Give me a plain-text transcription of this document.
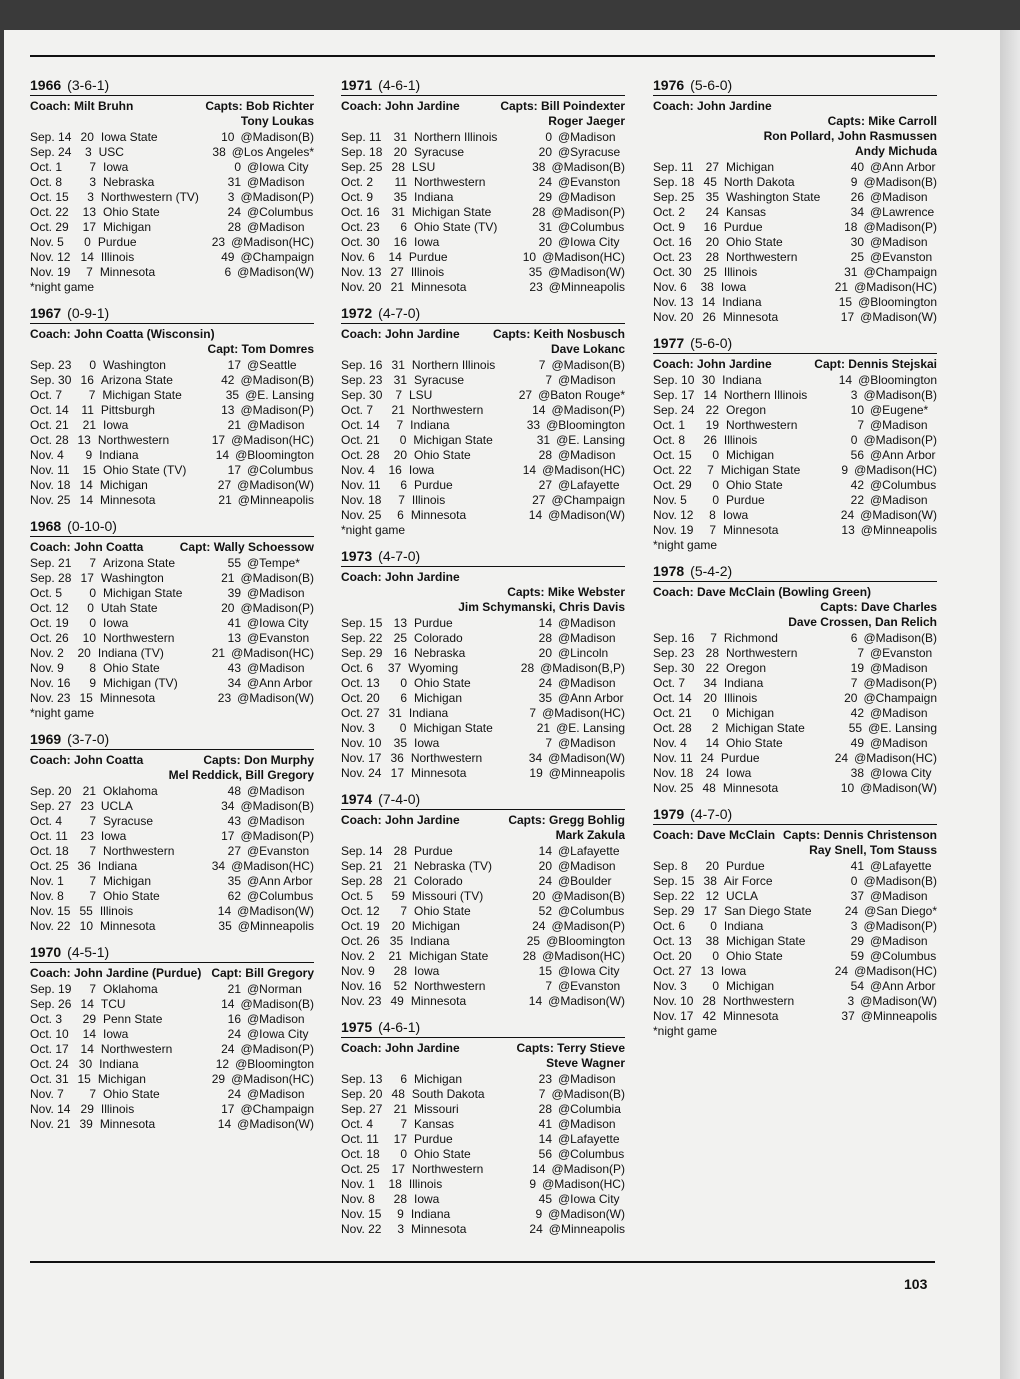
1966 (3-6-1)
Coach: Milt Bruhn	Capts: Bob Richter
Tony Loukas
Sep. 14 20 Iowa State	10 @Madison(B)
Sep. 24	3 USC	38 @Los Angeles*
Oct. 1	7 Iowa	0 @Iowa City
Oct. 8	3 Nebraska	31 @Madison
Oct. 15	3 Northwestern (TV)	3 @Madison(P)
Oct. 22	13 Ohio State	24 @Columbus
Oct. 29	17 Michigan	28 @Madison
Nov. 5	0 Purdue	23 @Madison(HC)
Nov. 12 14 Illinois	49 @Champaign
Nov. 19	7 Minnesota	6 @Madison(W)
*night game
1967 (0-9-1)
Coach: John Coatta (Wisconsin)
Capt: Tom Domres
Sep. 23	0 Washington	17 @Seattle
Sep. 30 16 Arizona State	42 @Madison(B)
Oct. 7	7 Michigan State	35 @E. Lansing
Oct. 14	11 Pittsburgh	13 @Madison(P)
Oct. 21	21 Iowa	21 @Madison
Oct. 28 13 Northwestern	17 @Madison(HC)
Nov. 4	9 Indiana	14 @Bloomington
Nov. 11	15 Ohio State (TV)	17 @Columbus
Nov. 18 14 Michigan	27 @Madison(W)
Nov. 25 14 Minnesota	21 @Minneapolis
1968 (0-10-0)
Coach: John Coatta	Capt: Wally Schoessow
Sep. 21	7 Arizona State	55 @Tempe*
Sep. 28 17 Washington	21 @Madison(B)
Oct. 5	0 Michigan State	39 @Madison
Oct. 12	0 Utah State	20 @Madison(P)
Oct. 19	0 Iowa	41 @Iowa City
Oct. 26	10 Northwestern	13 @Evanston
Nov. 2	20 Indiana (TV)	21 @Madison(HC)
Nov. 9	8 Ohio State	43 @Madison
Nov. 16	9 Michigan (TV)	34 @Ann Arbor
Nov. 23 15 Minnesota	23 @Madison(W)
*night game
1969 (3-7-0)
Coach: John Coatta	Capts: Don Murphy
Mel Reddick, Bill Gregory
Sep. 20 21 Oklahoma	48 @Madison
Sep. 27 23 UCLA	34 @Madison(B)
Oct. 4	7 Syracuse	43 @Madison
Oct. 11	23 Iowa	17 @Madison(P)
Oct. 18	7 Northwestern	27 @Evanston
Oct. 25 36 Indiana	34 @Madison(HC)
Nov. 1	7 Michigan	35 @Ann Arbor
Nov. 8	7 Ohio State	62 @Columbus
Nov. 15 55 Illinois	14 @Madison(W)
Nov. 22 10 Minnesota	35 @Minneapolis
1970 (4-5-1)
Coach: John Jardine (Purdue) Capt: Bill Gregory
Sep. 19	7 Oklahoma	21 @Norman
Sep. 26 14 TCU	14 @Madison(B)
Oct. 3	29 Penn State	16 @Madison
Oct. 10	14 Iowa	24 @Iowa City
Oct. 17 14 Northwestern	24 @Madison(P)
Oct. 24 30 Indiana	12 @Bloomington
Oct. 31 15 Michigan	29 @Madison(HC)
Nov. 7	7 Ohio State	24 @Madison
Nov. 14 29 Illinois	17 @Champaign
Nov. 21 39 Minnesota	14 @Madison(W)
1971 (4-6-1)
Coach: John Jardine	Capts: Bill Poindexter
Roger Jaeger
Sep. 11	31 Northern Illinois	0 @Madison
Sep. 18 20 Syracuse	20 @Syracuse
Sep. 25 28 LSU	38 @Madison(B)
Oct. 2	11 Northwestern	24 @Evanston
Oct. 9	35 Indiana	29 @Madison
Oct. 16 31 Michigan State	28 @Madison(P)
Oct. 23	6 Ohio State (TV)	31 @Columbus
Oct. 30	16 Iowa	20 @Iowa City
Nov. 6	14 Purdue	10 @Madison(HC)
Nov. 13 27 Illinois	35 @Madison(W)
Nov. 20 21 Minnesota	23 @Minneapolis
1972 (4-7-0)
Coach: John Jardine	Capts: Keith Nosbusch
Dave Lokanc
Sep. 16 31 Northern Illinois	7 @Madison(B)
Sep. 23 31 Syracuse	7 @Madison
Sep. 30	7 LSU	27 @Baton Rouge*
Oct. 7	21 Northwestern	14 @Madison(P)
Oct. 14	7 Indiana	33 @Bloomington
Oct. 21	0 Michigan State	31 @E. Lansing
Oct. 28	20 Ohio State	28 @Madison
Nov. 4	16 Iowa	14 @Madison(HC)
Nov. 11	6 Purdue	27 @Lafayette
Nov. 18	7 Illinois	27 @Champaign
Nov. 25	6 Minnesota	14 @Madison(W)
*night game
1973 (4-7-0)
Coach: John Jardine
Capts: Mike Webster
Jim Schymanski, Chris Davis
Sep. 15 13 Purdue	14 @Madison
Sep. 22 25 Colorado	28 @Madison
Sep. 29 16 Nebraska	20 @Lincoln
Oct. 6	37 Wyoming	28 @Madison(B,P)
Oct. 13	0 Ohio State	24 @Madison
Oct. 20	6 Michigan	35 @Ann Arbor
Oct. 27 31 Indiana	7 @Madison(HC)
Nov. 3	0 Michigan State	21 @E. Lansing
Nov. 10	35 Iowa	7 @Madison
Nov. 17 36 Northwestern	34 @Madison(W)
Nov. 24 17 Minnesota	19 @Minneapolis
1974 (7-4-0)
Coach: John Jardine	Capts: Gregg Bohlig
Mark Zakula
Sep. 14 28 Purdue	14 @Lafayette
Sep. 21 21 Nebraska (TV)	20 @Madison
Sep. 28 21 Colorado	24 @Boulder
Oct. 5	59 Missouri (TV)	20 @Madison(B)
Oct. 12	7 Ohio State	52 @Columbus
Oct. 19 20 Michigan	24 @Madison(P)
Oct. 26 35 Indiana	25 @Bloomington
Nov. 2	21 Michigan State	28 @Madison(HC)
Nov. 9	28 Iowa	15 @Iowa City
Nov. 16	52 Northwestern	7 @Evanston
Nov. 23 49 Minnesota	14 @Madison(W)
1975 (4-6-1)
Coach: John Jardine	Capts: Terry Stieve
Steve Wagner
Sep. 13	6 Michigan	23 @Madison
Sep. 20 48 South Dakota	7 @Madison(B)
Sep. 27 21 Missouri	28 @Columbia
Oct. 4	7 Kansas	41 @Madison
Oct. 11	17 Purdue	14 @Lafayette
Oct. 18	0 Ohio State	56 @Columbus
Oct. 25 17 Northwestern	14 @Madison(P)
Nov. 1	18 Illinois	9 @Madison(HC)
Nov. 8	28 Iowa	45 @Iowa City
Nov. 15	9 Indiana	9 @Madison(W)
Nov. 22	3 Minnesota	24 @Minneapolis
1976 (5-6-0)
Coach: John Jardine
Capts: Mike Carroll
Ron Pollard, John Rasmussen
Andy Michuda
Sep. 11	27 Michigan	40 @Ann Arbor
Sep. 18 45 North Dakota	9 @Madison(B)
Sep. 25 35 Washington State	26 @Madison
Oct. 2	24 Kansas	34 @Lawrence
Oct. 9	16 Purdue	18 @Madison(P)
Oct. 16	20 Ohio State	30 @Madison
Oct. 23	28 Northwestern	25 @Evanston
Oct. 30 25 Illinois	31 @Champaign
Nov. 6	38 Iowa	21 @Madison(HC)
Nov. 13 14 Indiana	15 @Bloomington
Nov. 20 26 Minnesota	17 @Madison(W)
1977 (5-6-0)
Coach: John Jardine	Capt: Dennis Stejskai
Sep. 10 30 Indiana	14 @Bloomington
Sep. 17 14 Northern Illinois	3 @Madison(B)
Sep. 24 22 Oregon	10 @Eugene*
Oct. 1	19 Northwestern	7 @Madison
Oct. 8	26 Illinois	0 @Madison(P)
Oct. 15	0 Michigan	56 @Ann Arbor
Oct. 22	7 Michigan State	9 @Madison(HC)
Oct. 29	0 Ohio State	42 @Columbus
Nov. 5	0 Purdue	22 @Madison
Nov. 12	8 Iowa	24 @Madison(W)
Nov. 19	7 Minnesota	13 @Minneapolis
*night game
1978 (5-4-2)
Coach: Dave McClain (Bowling Green)
Capts: Dave Charles
Dave Crossen, Dan Relich
Sep. 16	7 Richmond	6 @Madison(B)
Sep. 23 28 Northwestern	7 @Evanston
Sep. 30 22 Oregon	19 @Madison
Oct. 7	34 Indiana	7 @Madison(P)
Oct. 14 20 Illinois	20 @Champaign
Oct. 21	0 Michigan	42 @Madison
Oct. 28	2 Michigan State	55 @E. Lansing
Nov. 4	14 Ohio State	49 @Madison
Nov. 11 24 Purdue	24 @Madison(HC)
Nov. 18	24 Iowa	38 @Iowa City
Nov. 25 48 Minnesota	10 @Madison(W)
1979 (4-7-0)
Coach: Dave McClain Capts: Dennis Christenson
Ray Snell, Tom Stauss
Sep. 8	20 Purdue	41 @Lafayette
Sep. 15 38 Air Force	0 @Madison(B)
Sep. 22 12 UCLA	37 @Madison
Sep. 29 17 San Diego State	24 @San Diego*
Oct. 6	0 Indiana	3 @Madison(P)
Oct. 13	38 Michigan State	29 @Madison
Oct. 20	0 Ohio State	59 @Columbus
Oct. 27 13 Iowa	24 @Madison(HC)
Nov. 3	0 Michigan	54 @Ann Arbor
Nov. 10 28 Northwestern	3 @Madison(W)
Nov. 17 42 Minnesota	37 @Minneapolis
*night game
103
